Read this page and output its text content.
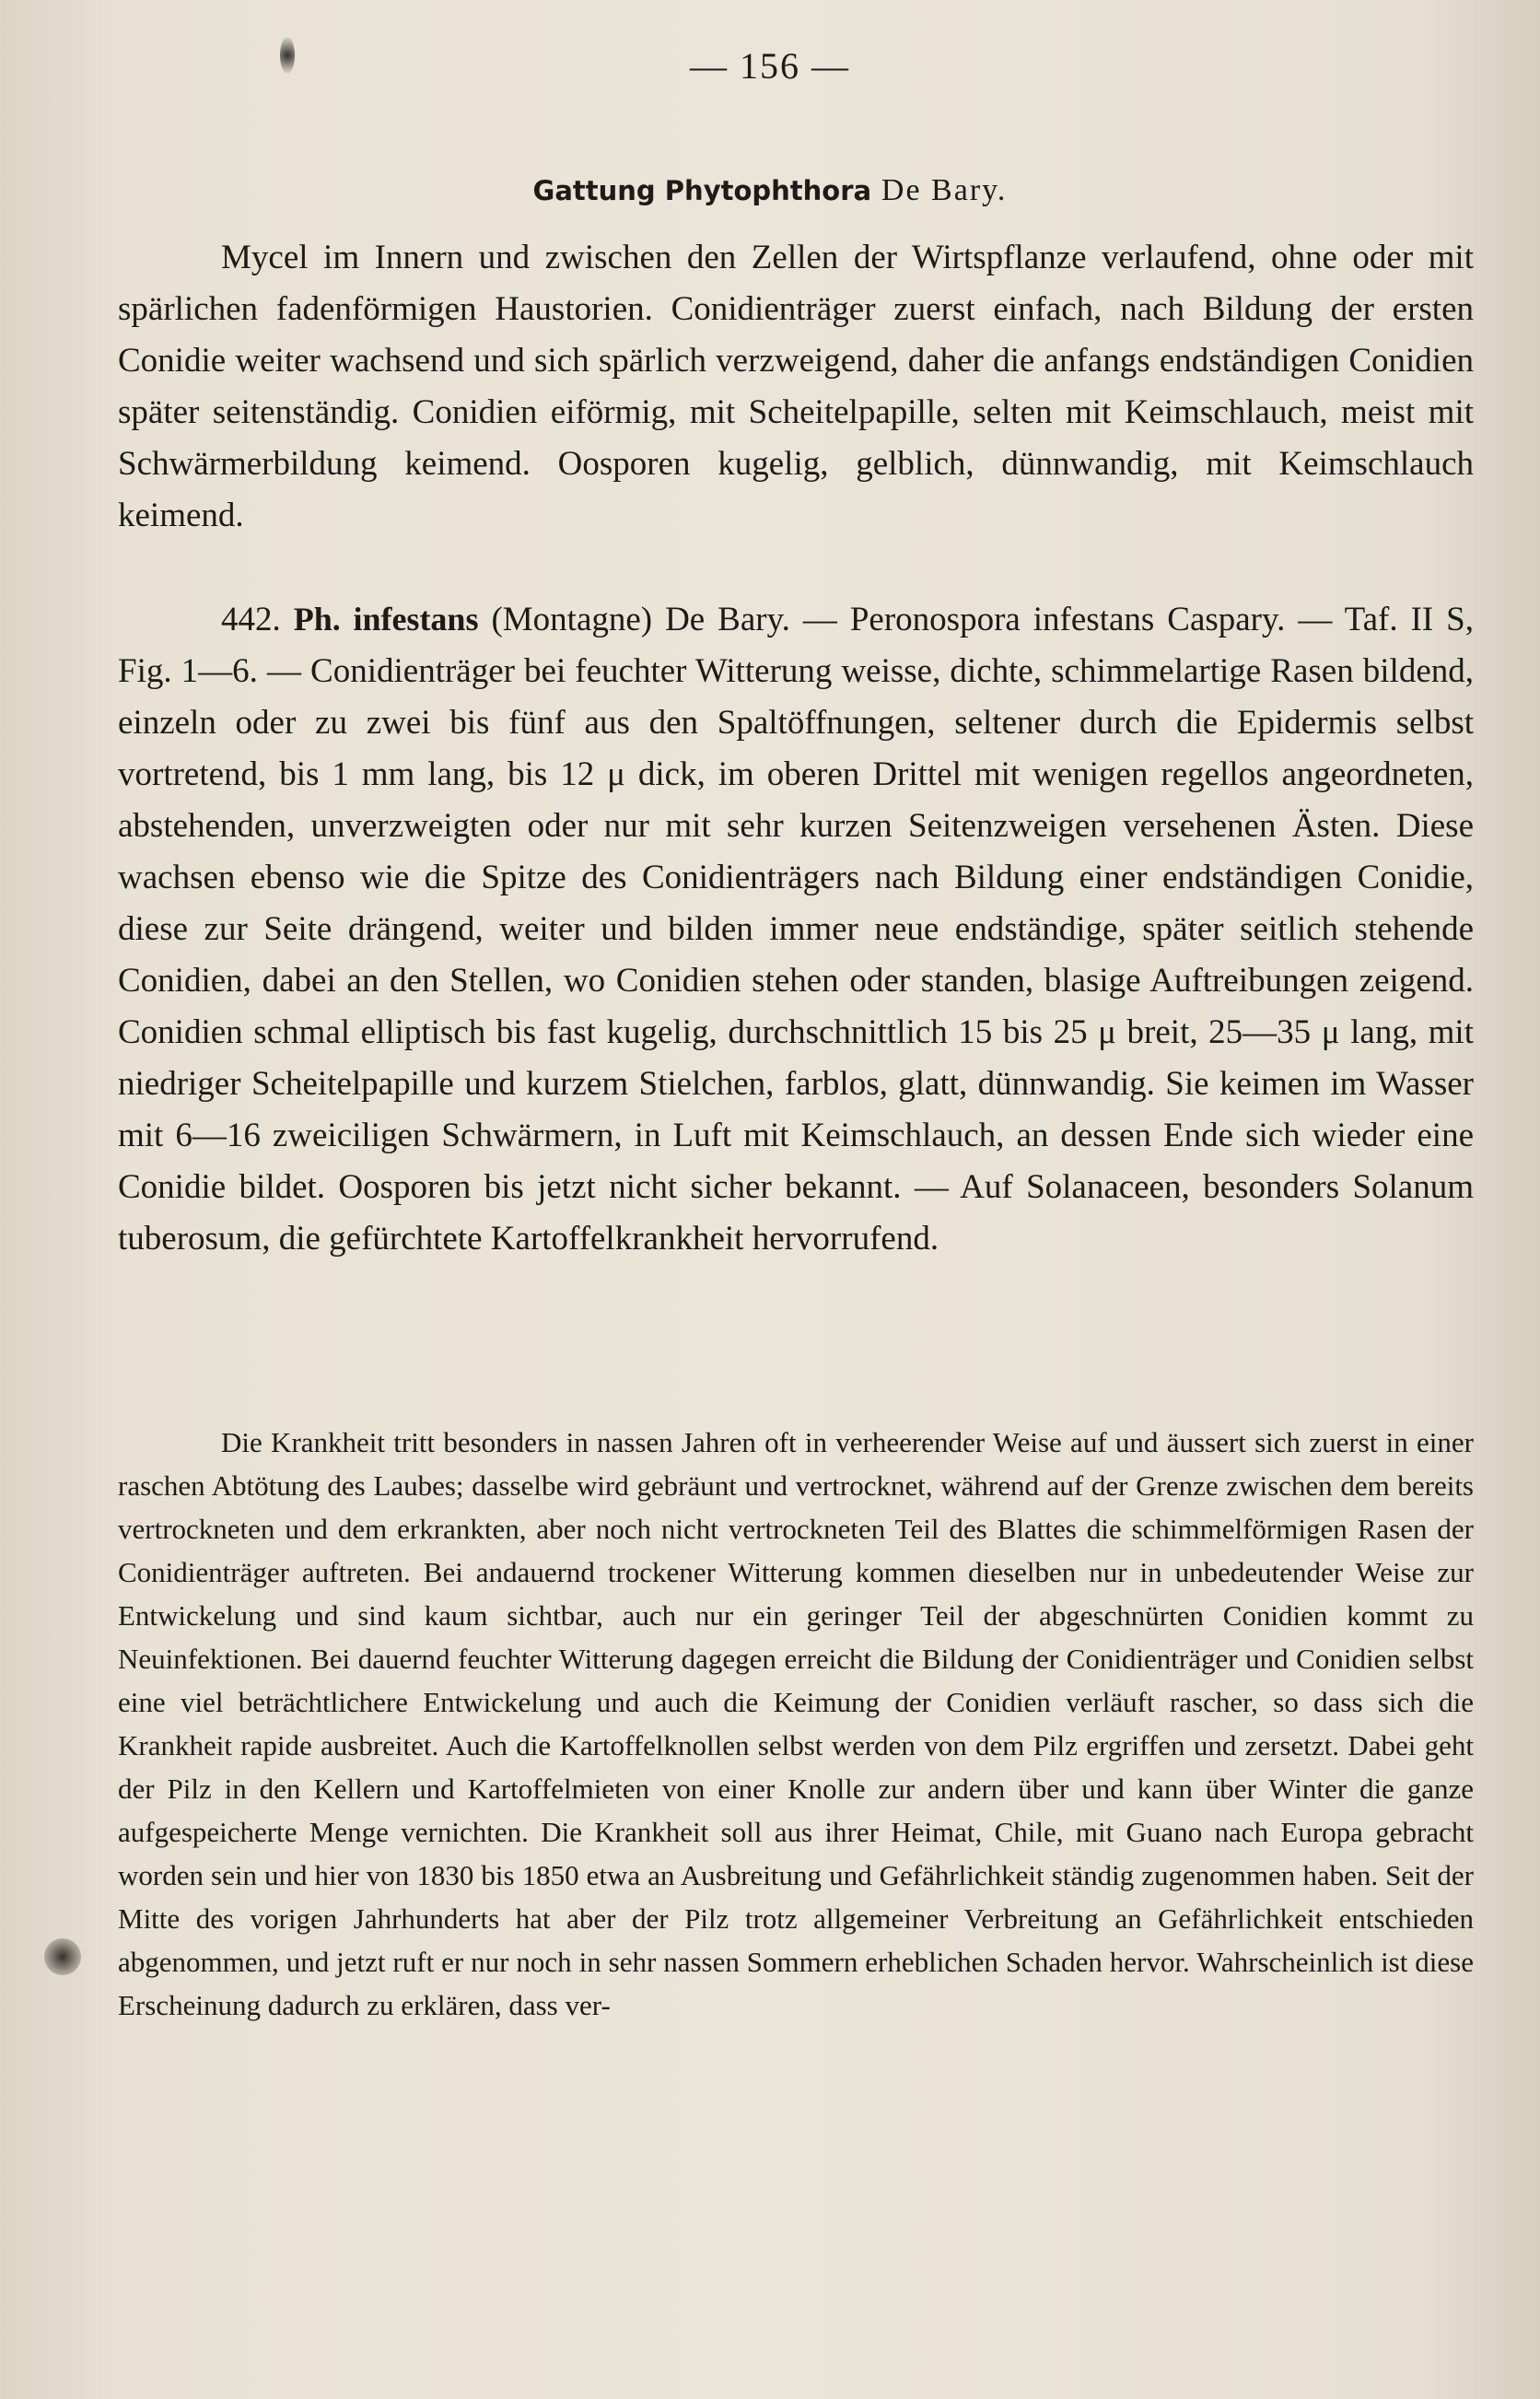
— 156 —
Gattung Phytophthora De Bary.

Mycel im Innern und zwischen den Zellen der Wirtspflanze verlaufend, ohne oder mit spärlichen fadenförmigen Haustorien. Conidienträger zuerst einfach, nach Bildung der ersten Conidie weiter wachsend und sich spärlich verzweigend, daher die anfangs endständigen Conidien später seitenständig. Conidien eiförmig, mit Scheitelpapille, selten mit Keimschlauch, meist mit Schwärmerbildung keimend. Oosporen kugelig, gelblich, dünnwandig, mit Keimschlauch keimend.

442. Ph. infestans (Montagne) De Bary. — Peronospora infestans Caspary. — Taf. II S, Fig. 1—6. — Conidienträger bei feuchter Witterung weisse, dichte, schimmelartige Rasen bildend, einzeln oder zu zwei bis fünf aus den Spaltöffnungen, seltener durch die Epidermis selbst vortretend, bis 1 mm lang, bis 12 μ dick, im oberen Drittel mit wenigen regellos angeordneten, abstehenden, unverzweigten oder nur mit sehr kurzen Seitenzweigen versehenen Ästen. Diese wachsen ebenso wie die Spitze des Conidienträgers nach Bildung einer endständigen Conidie, diese zur Seite drängend, weiter und bilden immer neue endständige, später seitlich stehende Conidien, dabei an den Stellen, wo Conidien stehen oder standen, blasige Auftreibungen zeigend. Conidien schmal elliptisch bis fast kugelig, durchschnittlich 15 bis 25 μ breit, 25—35 μ lang, mit niedriger Scheitelpapille und kurzem Stielchen, farblos, glatt, dünnwandig. Sie keimen im Wasser mit 6—16 zweiciligen Schwärmern, in Luft mit Keimschlauch, an dessen Ende sich wieder eine Conidie bildet. Oosporen bis jetzt nicht sicher bekannt. — Auf Solanaceen, besonders Solanum tuberosum, die gefürchtete Kartoffelkrankheit hervorrufend.

Die Krankheit tritt besonders in nassen Jahren oft in verheerender Weise auf und äussert sich zuerst in einer raschen Abtötung des Laubes; dasselbe wird gebräunt und vertrocknet, während auf der Grenze zwischen dem bereits vertrockneten und dem erkrankten, aber noch nicht vertrockneten Teil des Blattes die schimmelförmigen Rasen der Conidienträger auftreten. Bei andauernd trockener Witterung kommen dieselben nur in unbedeutender Weise zur Entwickelung und sind kaum sichtbar, auch nur ein geringer Teil der abgeschnürten Conidien kommt zu Neuinfektionen. Bei dauernd feuchter Witterung dagegen erreicht die Bildung der Conidienträger und Conidien selbst eine viel beträchtlichere Entwickelung und auch die Keimung der Conidien verläuft rascher, so dass sich die Krankheit rapide ausbreitet. Auch die Kartoffelknollen selbst werden von dem Pilz ergriffen und zersetzt. Dabei geht der Pilz in den Kellern und Kartoffelmieten von einer Knolle zur andern über und kann über Winter die ganze aufgespeicherte Menge vernichten. Die Krankheit soll aus ihrer Heimat, Chile, mit Guano nach Europa gebracht worden sein und hier von 1830 bis 1850 etwa an Ausbreitung und Gefährlichkeit ständig zugenommen haben. Seit der Mitte des vorigen Jahrhunderts hat aber der Pilz trotz allgemeiner Verbreitung an Gefährlichkeit entschieden abgenommen, und jetzt ruft er nur noch in sehr nassen Sommern erheblichen Schaden hervor. Wahrscheinlich ist diese Erscheinung dadurch zu erklären, dass ver-
